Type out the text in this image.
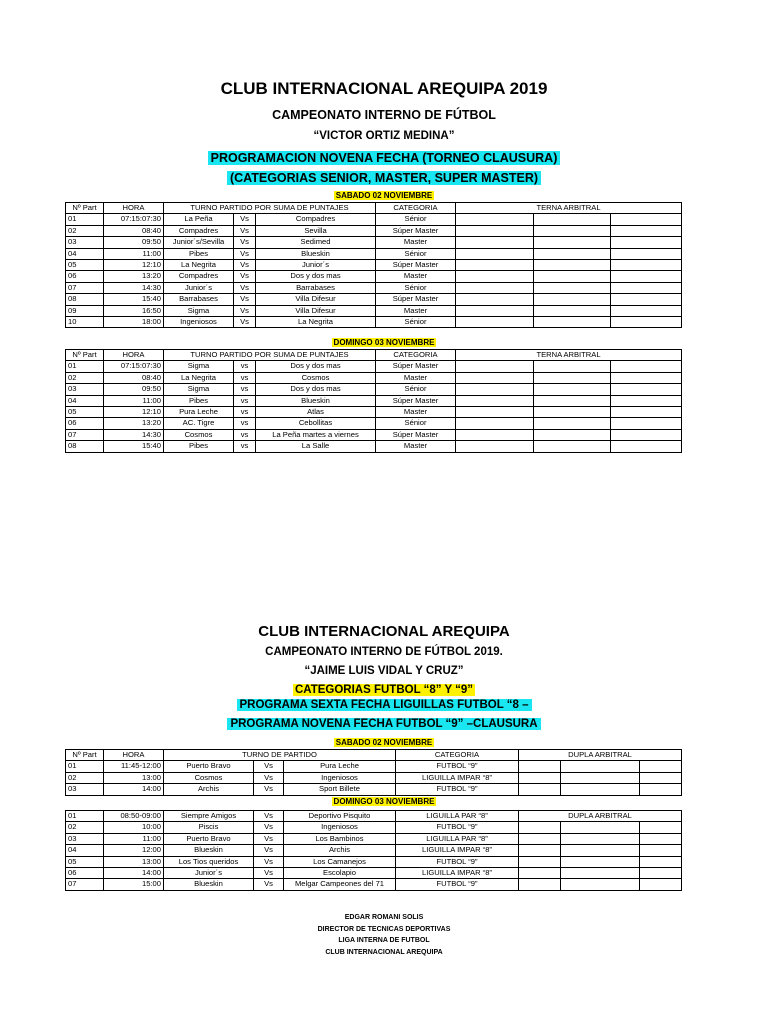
CLUB INTERNACIONAL AREQUIPA 2019
CAMPEONATO INTERNO DE FÚTBOL
“VICTOR ORTIZ MEDINA”
PROGRAMACION NOVENA FECHA (TORNEO CLAUSURA)
(CATEGORIAS SENIOR, MASTER, SUPER MASTER)
SABADO 02 NOVIEMBRE
Nº Part	HORA	TURNO PARTIDO POR SUMA DE PUNTAJES			CATEGORIA	TERNA ARBITRAL		
01	07:15:07:30	La Peña	Vs	Compadres	Sénior			
02	08:40	Compadres	Vs	Sevilla	Súper Master			
03	09:50	Junior´s/Sevilla	Vs	Sedimed	Master			
04	11:00	Pibes	Vs	Blueskin	Sénior			
05	12:10	La Negrita	Vs	Junior´s	Súper Master			
06	13:20	Compadres	Vs	Dos y dos mas	Master			
07	14:30	Junior´s	Vs	Barrabases	Sénior			
08	15:40	Barrabases	Vs	Villa Difesur	Súper Master			
09	16:50	Sigma	Vs	Villa Difesur	Master			
10	18:00	Ingeniosos	Vs	La Negrita	Sénior			
DOMINGO 03 NOVIEMBRE
Nº Part	HORA	TURNO PARTIDO POR SUMA DE PUNTAJES			CATEGORIA	TERNA ARBITRAL		
01	07:15:07:30	Sigma	vs	Dos y dos mas	Súper Master			
02	08:40	La Negrita	vs	Cosmos	Master			
03	09:50	Sigma	vs	Dos y dos mas	Sénior			
04	11:00	Pibes	vs	Blueskin	Súper Master			
05	12:10	Pura Leche	vs	Atlas	Master			
06	13:20	AC. Tigre	vs	Cebollitas	Sénior			
07	14:30	Cosmos	vs	La Peña martes a viernes	Súper Master			
08	15:40	Pibes	vs	La Salle	Master			
CLUB INTERNACIONAL AREQUIPA
CAMPEONATO INTERNO DE FÚTBOL 2019.
“JAIME LUIS VIDAL Y CRUZ”
CATEGORIAS FUTBOL “8” Y “9”
PROGRAMA SEXTA FECHA LIGUILLAS FUTBOL “8 –
PROGRAMA NOVENA FECHA FUTBOL “9” –CLAUSURA
SABADO 02 NOVIEMBRE
Nº Part	HORA	TURNO DE PARTIDO			CATEGORIA	DUPLA ARBITRAL		
01	11:45-12:00	Puerto Bravo	Vs	Pura Leche	FUTBOL “9”			
02	13:00	Cosmos	Vs	Ingeniosos	LIGUILLA IMPAR “8”			
03	14:00	Archis	Vs	Sport Billete	FUTBOL “9”			
DOMINGO 03 NOVIEMBRE
01	08:50-09:00	Siempre Amigos	Vs	Deportivo Pisquito	LIGUILLA PAR “8”	DUPLA ARBITRAL		
02	10:00	Piscis	Vs	Ingeniosos	FUTBOL “9”			
03	11:00	Puerto Bravo	Vs	Los Bambinos	LIGUILLA PAR “8”			
04	12:00	Blueskin	Vs	Archis	LIGUILLA IMPAR “8”			
05	13:00	Los Tios queridos	Vs	Los Camanejos	FUTBOL “9”			
06	14:00	Junior´s	Vs	Escolapio	LIGUILLA IMPAR “8”			
07	15:00	Blueskin	Vs	Melgar Campeones del 71	FUTBOL “9”			
EDGAR ROMANI SOLIS
DIRECTOR DE TECNICAS DEPORTIVAS
LIGA INTERNA DE FUTBOL
CLUB INTERNACIONAL AREQUIPA
